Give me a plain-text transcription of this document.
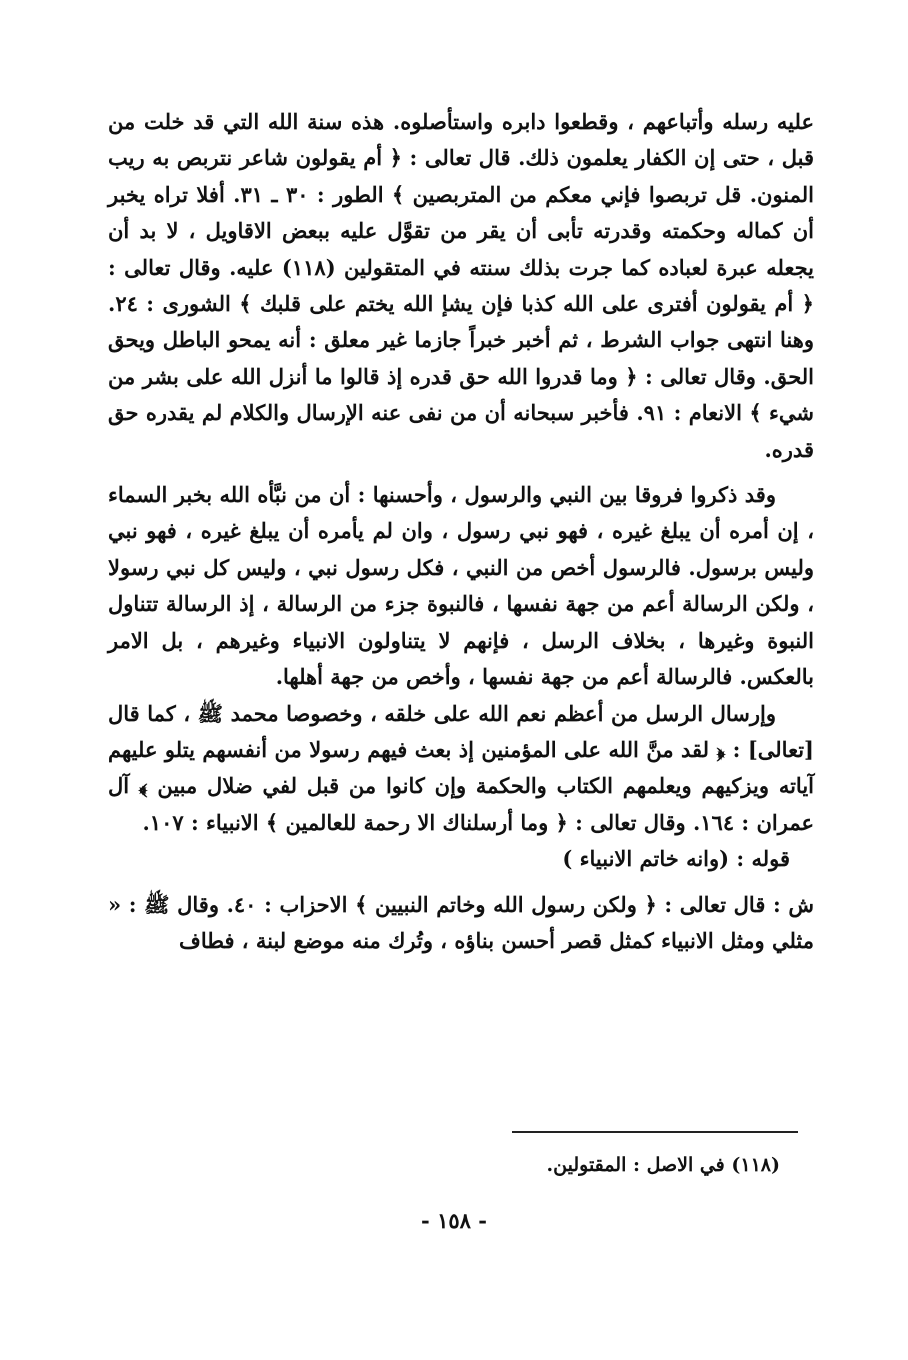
عليه رسله وأتباعهم ، وقطعوا دابره واستأصلوه. هذه سنة الله التي قد خلت من قبل ، حتى إن الكفار يعلمون ذلك. قال تعالى : ﴿ أم يقولون شاعر نتربص به ريب المنون. قل تربصوا فإني معكم من المتربصين ﴾ الطور : ٣٠ ـ ٣١. أفلا تراه يخبر أن كماله وحكمته وقدرته تأبى أن يقر من تقوَّل عليه ببعض الاقاويل ، لا بد أن يجعله عبرة لعباده كما جرت بذلك سنته في المتقولين (١١٨) عليه. وقال تعالى : ﴿ أم يقولون أفترى على الله كذبا فإن يشإ الله يختم على قلبك ﴾ الشورى : ٢٤. وهنا انتهى جواب الشرط ، ثم أخبر خبراً جازما غير معلق : أنه يمحو الباطل ويحق الحق. وقال تعالى : ﴿ وما قدروا الله حق قدره إذ قالوا ما أنزل الله على بشر من شيء ﴾ الانعام : ٩١. فأخبر سبحانه أن من نفى عنه الإرسال والكلام لم يقدره حق قدره.

وقد ذكروا فروقا بين النبي والرسول ، وأحسنها : أن من نبَّأه الله بخبر السماء ، إن أمره أن يبلغ غيره ، فهو نبي رسول ، وان لم يأمره أن يبلغ غيره ، فهو نبي وليس برسول. فالرسول أخص من النبي ، فكل رسول نبي ، وليس كل نبي رسولا ، ولكن الرسالة أعم من جهة نفسها ، فالنبوة جزء من الرسالة ، إذ الرسالة تتناول النبوة وغيرها ، بخلاف الرسل ، فإنهم لا يتناولون الانبياء وغيرهم ، بل الامر بالعكس. فالرسالة أعم من جهة نفسها ، وأخص من جهة أهلها.

وإرسال الرسل من أعظم نعم الله على خلقه ، وخصوصا محمد ﷺ ، كما قال [تعالى] : ﴿ لقد منَّ الله على المؤمنين إذ بعث فيهم رسولا من أنفسهم يتلو عليهم آياته ويزكيهم ويعلمهم الكتاب والحكمة وإن كانوا من قبل لفي ضلال مبين ﴾ آل عمران : ١٦٤. وقال تعالى : ﴿ وما أرسلناك الا رحمة للعالمين ﴾ الانبياء : ١٠٧.

قوله : (وانه خاتم الانبياء )

ش : قال تعالى : ﴿ ولكن رسول الله وخاتم النبيين ﴾ الاحزاب : ٤٠. وقال ﷺ : « مثلي ومثل الانبياء كمثل قصر أحسن بناؤه ، وتُرك منه موضع لبنة ، فطاف

(١١٨) في الاصل : المقتولين.
- ١٥٨ -
